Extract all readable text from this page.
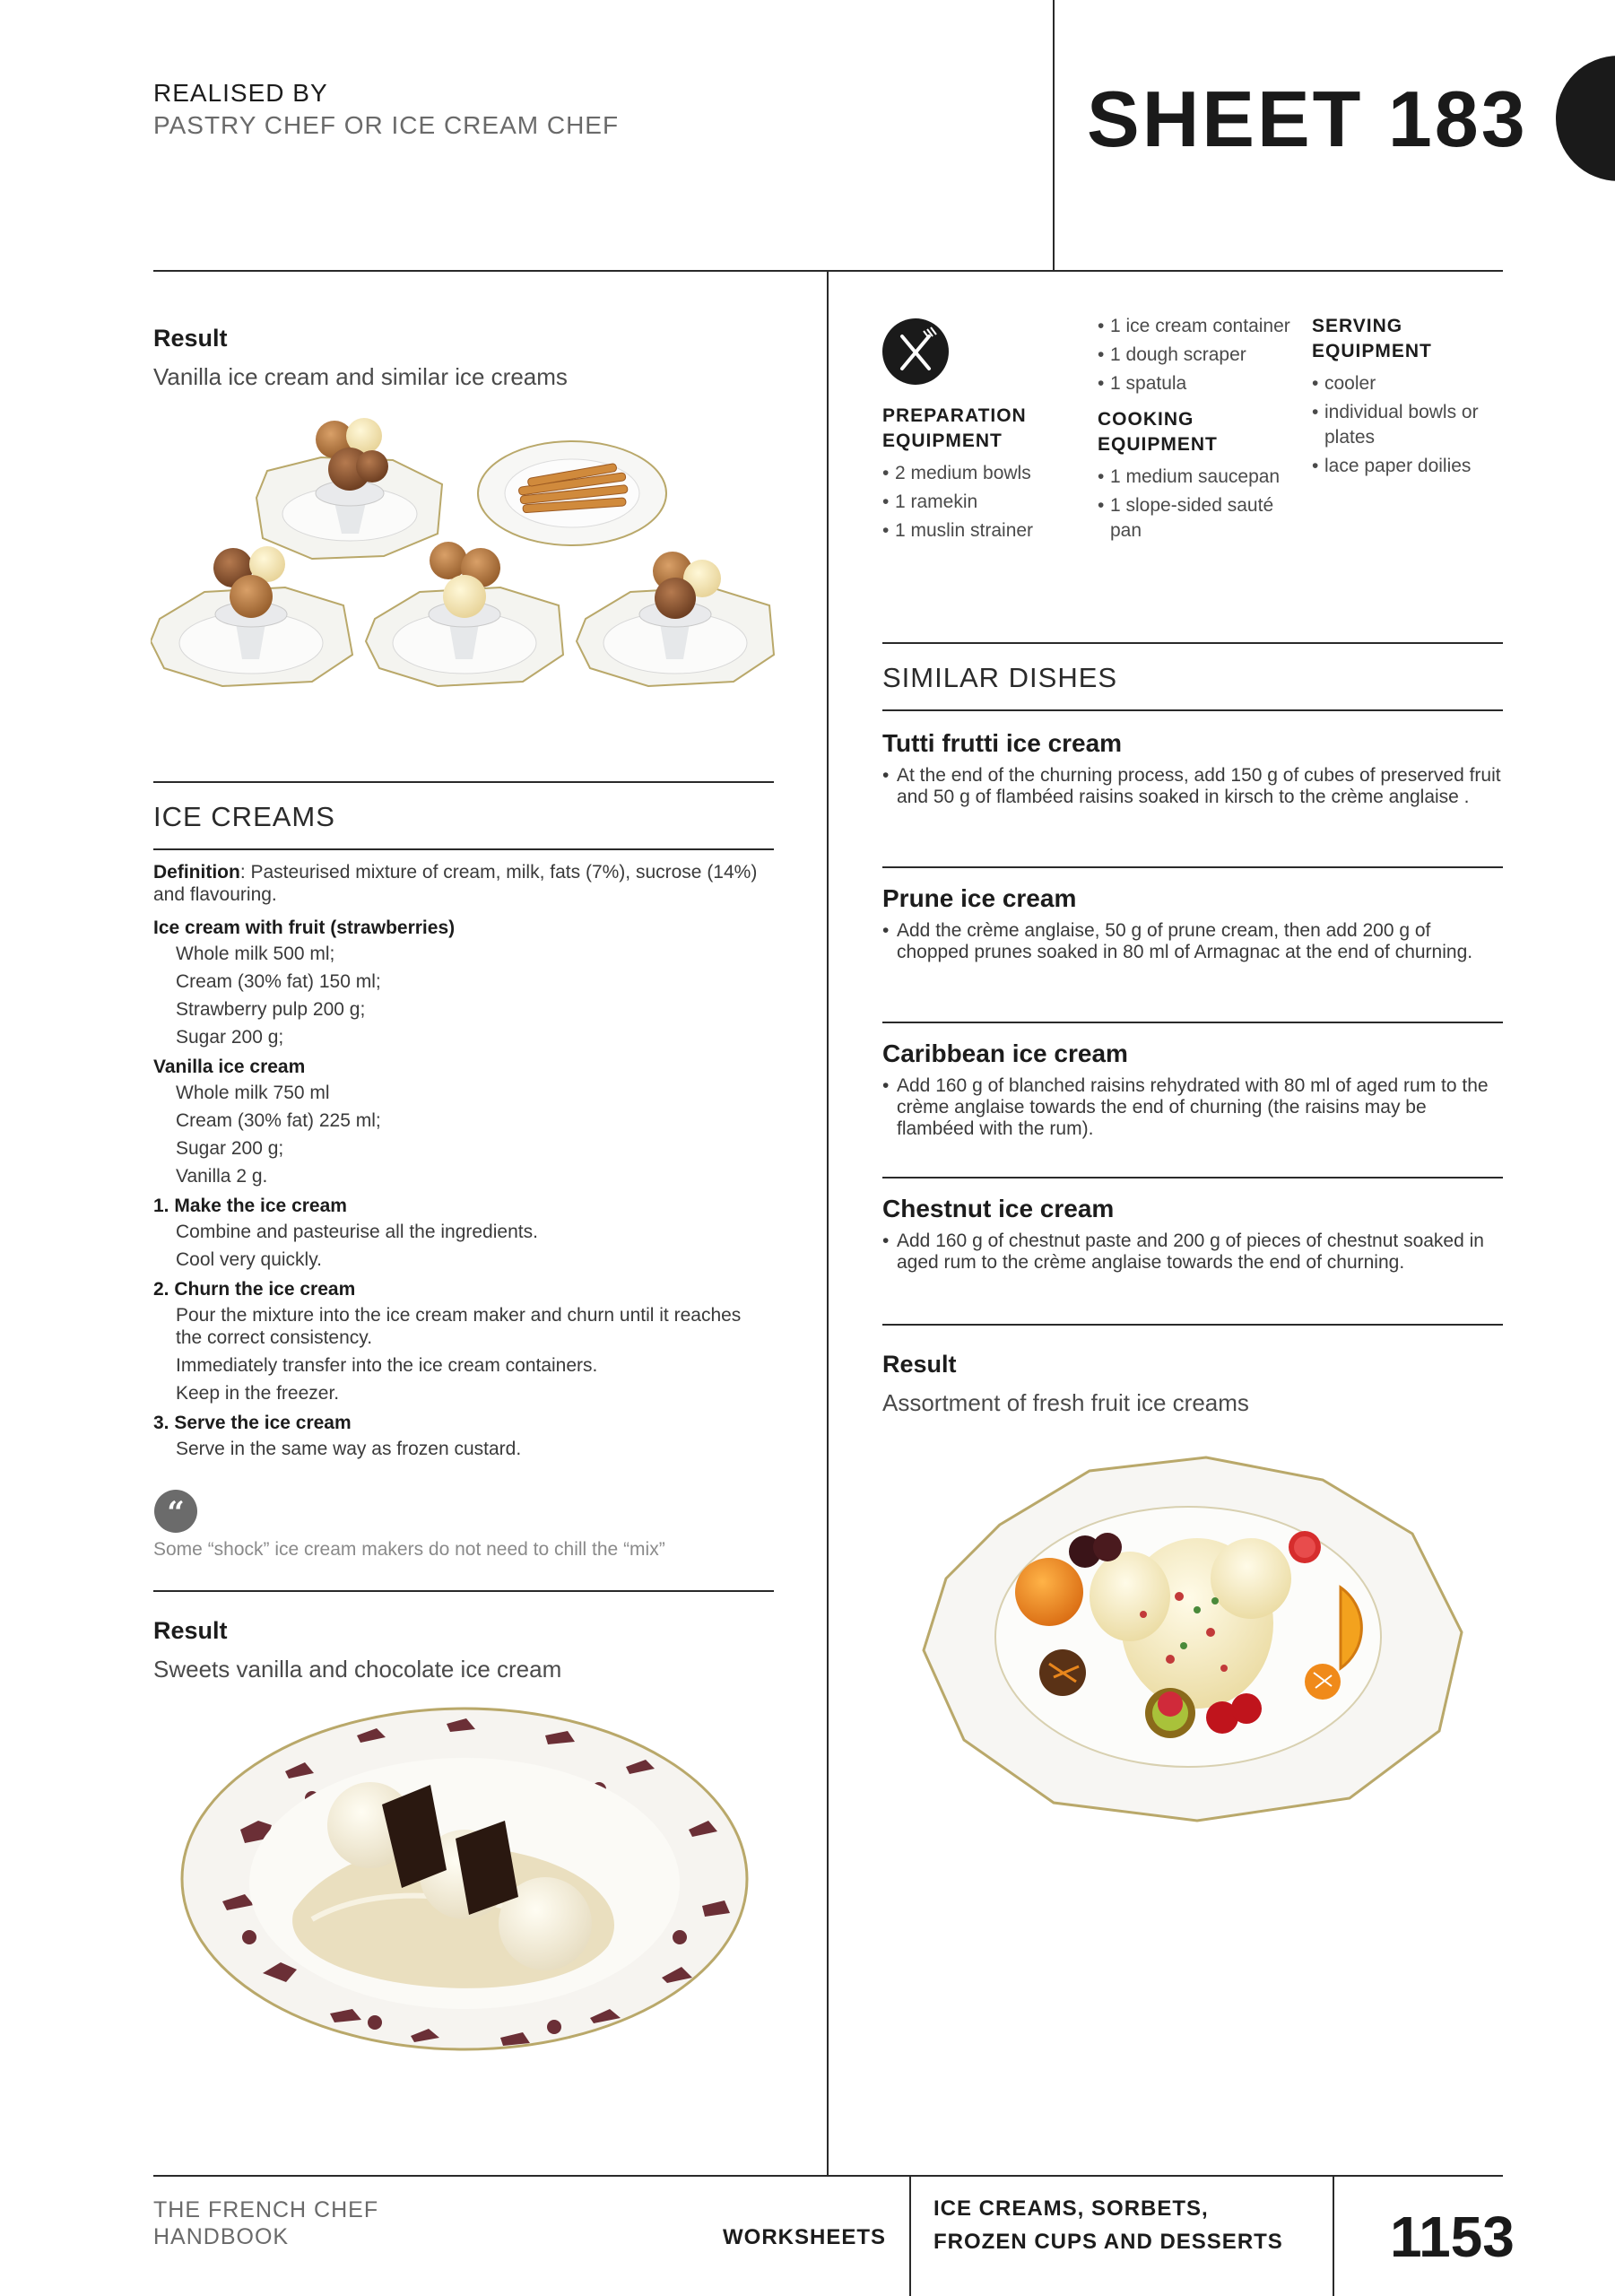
REALISED BY
PASTRY CHEF OR ICE CREAM CHEF	SHEET 183
Result
Vanilla ice cream and similar ice creams
ICE CREAMS
Definition: Pasteurised mixture of cream, milk, fats (7%), sucrose (14%) and flavouring.
Ice cream with fruit (strawberries)
Whole milk 500 ml;
Cream (30% fat) 150 ml;
Strawberry pulp 200 g;
Sugar 200 g;
Vanilla ice cream
Whole milk 750 ml
Cream (30% fat) 225 ml;
Sugar 200 g;
Vanilla 2 g.
1. Make the ice cream
Combine and pasteurise all the ingredients.
Cool very quickly.
2. Churn the ice cream
Pour the mixture into the ice cream maker and churn until it reaches the correct consistency.
Immediately transfer into the ice cream containers.
Keep in the freezer.
3. Serve the ice cream
Serve in the same way as frozen custard.
“
Some “shock” ice cream makers do not need to chill the “mix”
Result
Sweets vanilla and chocolate ice cream
PREPARATION
EQUIPMENT
• 2 medium bowls
• 1 ramekin
• 1 muslin strainer
• 1 ice cream container
• 1 dough scraper
• 1 spatula
COOKING
EQUIPMENT
• 1 medium saucepan
• 1 slope-sided sauté pan
SERVING
EQUIPMENT
• cooler
• individual bowls or plates
• lace paper doilies
SIMILAR DISHES
Tutti frutti ice cream
• At the end of the churning process, add 150 g of cubes of preserved fruit and 50 g of flambéed raisins soaked in kirsch to the crème anglaise .
Prune ice cream
• Add the crème anglaise, 50 g of prune cream, then add 200 g of chopped prunes soaked in 80 ml of Armagnac at the end of churning.
Caribbean ice cream
• Add 160 g of blanched raisins rehydrated with 80 ml of aged rum to the crème anglaise towards the end of churning (the raisins may be flambéed with the rum).
Chestnut ice cream
• Add 160 g of chestnut paste and 200 g of pieces of chestnut soaked in aged rum to the crème anglaise towards the end of churning.
Result
Assortment of fresh fruit ice creams
THE FRENCH CHEF
HANDBOOK	WORKSHEETS
ICE CREAMS, SORBETS,
FROZEN CUPS AND DESSERTS 1153
